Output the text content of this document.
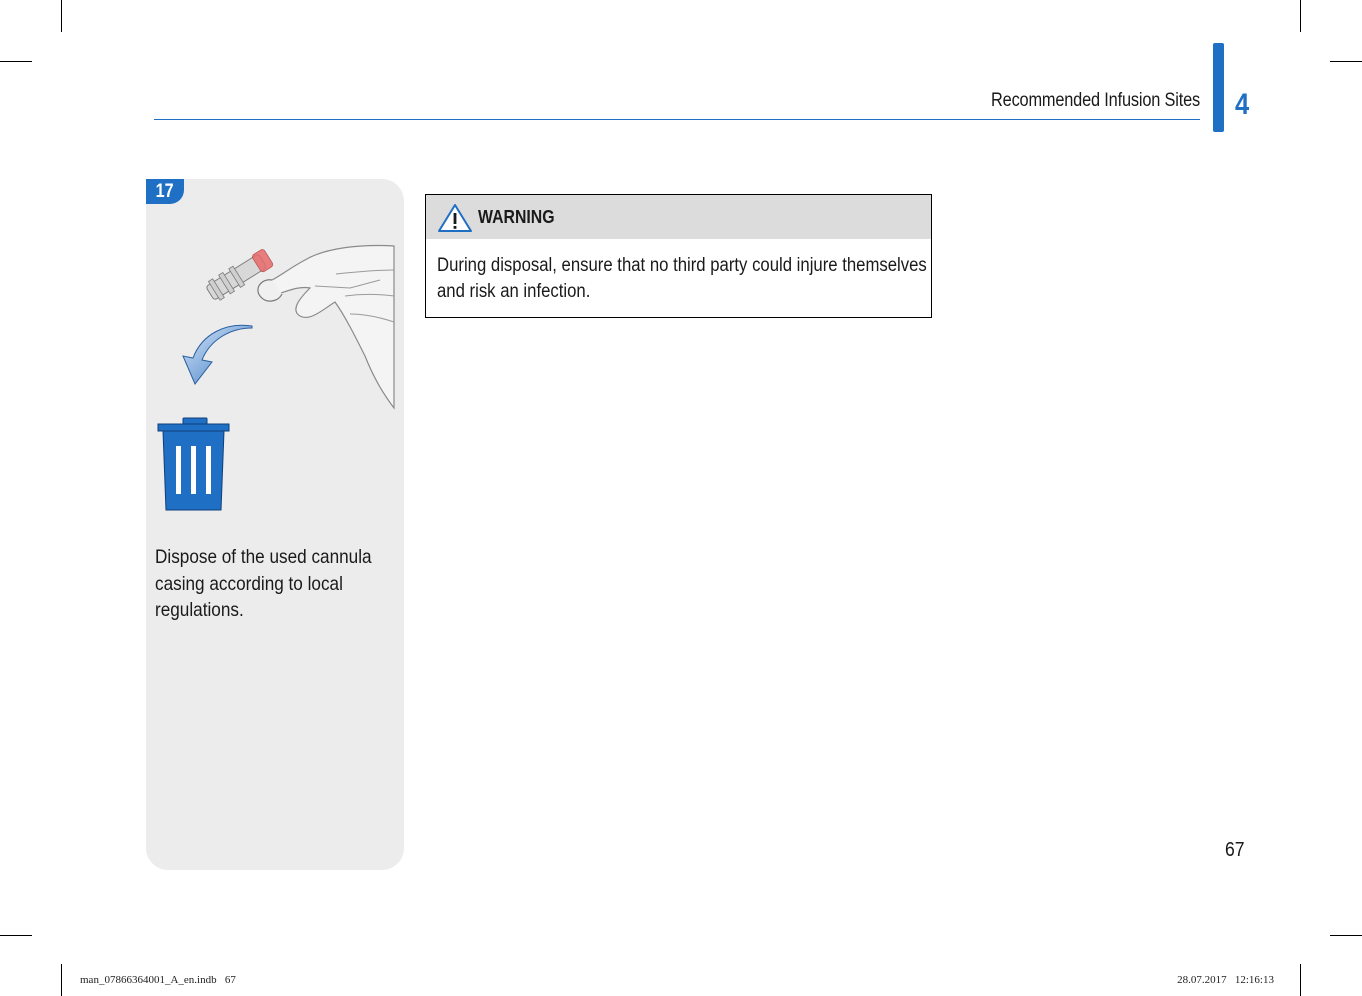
Recommended Infusion Sites 4
17
Dispose of the used cannula casing according to local regulations.
WARNING
During disposal, ensure that no third party could injure themselves and risk an infection.
67
man_07866364001_A_en.indb   67	28.07.2017   12:16:13
